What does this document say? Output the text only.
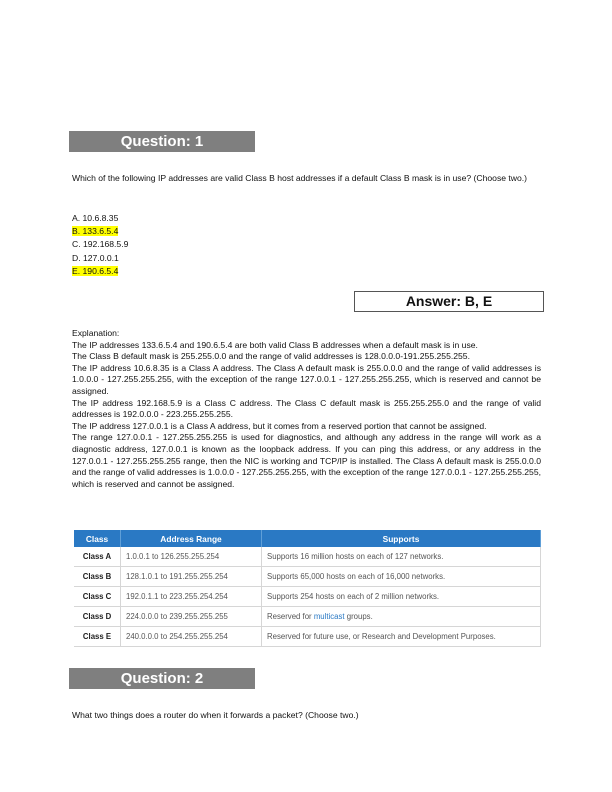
Question: 1
Which of the following IP addresses are valid Class B host addresses if a default Class B mask is in use? (Choose two.)
A. 10.6.8.35
B. 133.6.5.4
C. 192.168.5.9
D. 127.0.0.1
E. 190.6.5.4
Answer: B, E

Explanation:

The IP addresses 133.6.5.4 and 190.6.5.4 are both valid Class B addresses when a default mask is in use.

The Class B default mask is 255.255.0.0 and the range of valid addresses is 128.0.0.0-191.255.255.255.

The IP address 10.6.8.35 is a Class A address. The Class A default mask is 255.0.0.0 and the range of valid addresses is 1.0.0.0 - 127.255.255.255, with the exception of the range 127.0.0.1 - 127.255.255.255, which is reserved and cannot be assigned.

The IP address 192.168.5.9 is a Class C address. The Class C default mask is 255.255.255.0 and the range of valid addresses is 192.0.0.0 - 223.255.255.255.

The IP address 127.0.0.1 is a Class A address, but it comes from a reserved portion that cannot be assigned.

The range 127.0.0.1 - 127.255.255.255 is used for diagnostics, and although any address in the range will work as a diagnostic address, 127.0.0.1 is known as the loopback address. If you can ping this address, or any address in the 127.0.0.1 - 127.255.255.255 range, then the NIC is working and TCP/IP is installed. The Class A default mask is 255.0.0.0 and the range of valid addresses is 1.0.0.0 - 127.255.255.255, with the exception of the range 127.0.0.1 - 127.255.255.255, which is reserved and cannot be assigned.

Class	Address Range	Supports
Class A	1.0.0.1 to 126.255.255.254	Supports 16 million hosts on each of 127 networks.
Class B	128.1.0.1 to 191.255.255.254	Supports 65,000 hosts on each of 16,000 networks.
Class C	192.0.1.1 to 223.255.254.254	Supports 254 hosts on each of 2 million networks.
Class D	224.0.0.0 to 239.255.255.255	Reserved for multicast groups.
Class E	240.0.0.0 to 254.255.255.254	Reserved for future use, or Research and Development Purposes.
Question: 2
What two things does a router do when it forwards a packet? (Choose two.)
